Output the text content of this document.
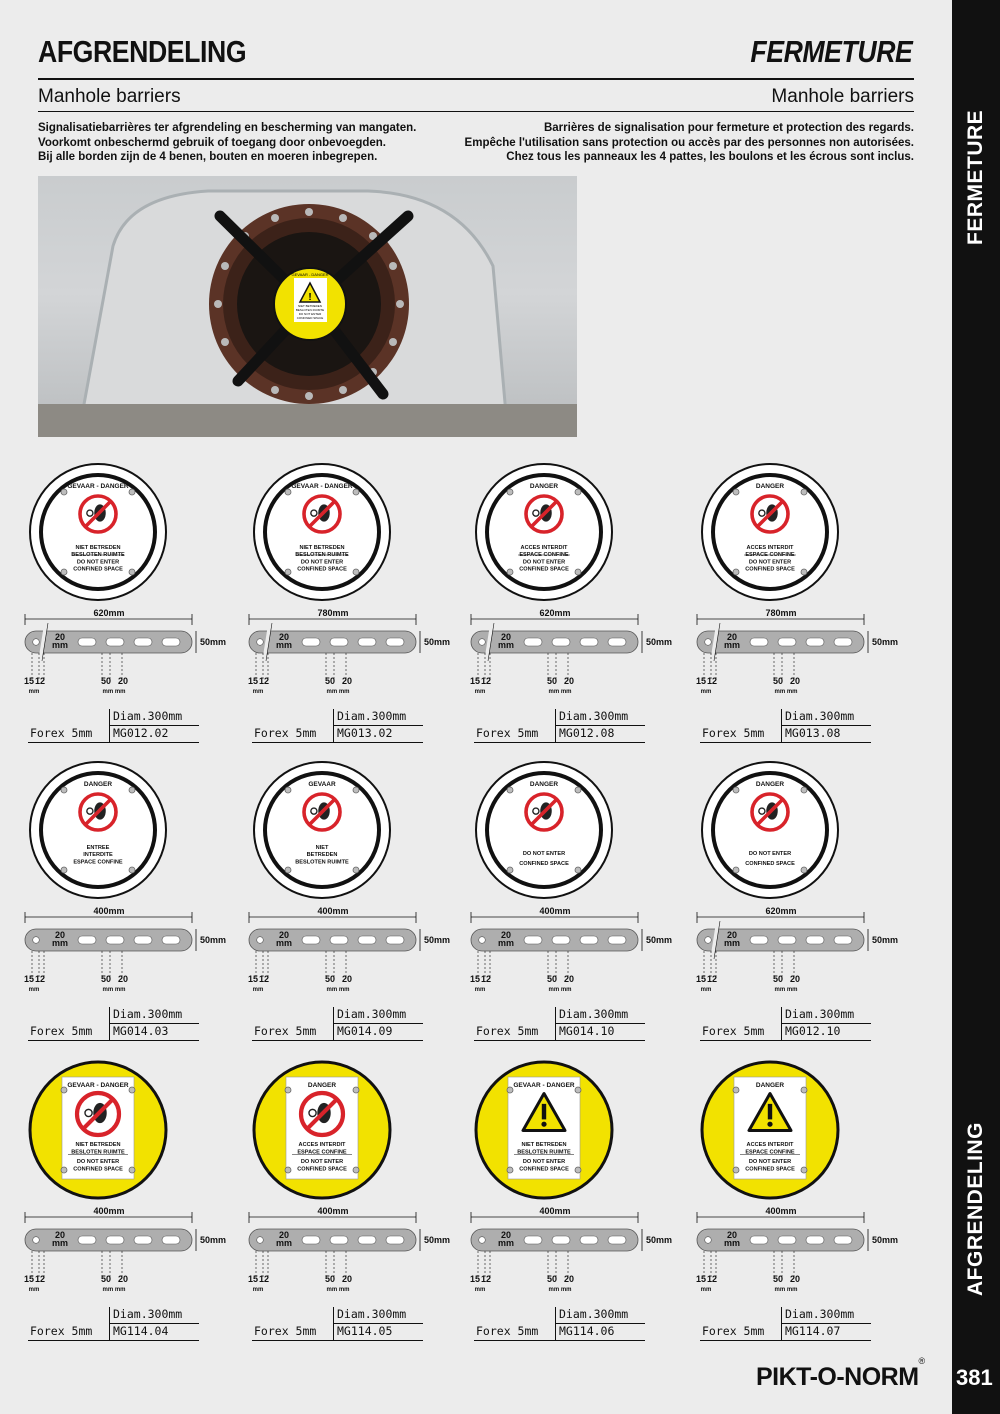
AFGRENDELING	FERMETURE
Manhole barriers	Manhole barriers
Signalisatiebarrières ter afgrendeling en bescherming van mangaten.
Voorkomt onbeschermd gebruik of toegang door onbevoegden.
Bij alle borden zijn de 4 benen, bouten en moeren inbegrepen.
Barrières de signalisation pour fermeture et protection des regards.
Empêche l'utilisation sans protection ou accès par des personnes non autorisées.
Chez tous les panneaux les 4 pattes, les boulons et les écrous sont inclus.
!
GEVAAR - DANGER
NIET BETREDEN
BESLOTEN RUIMTE
DO NOT ENTER
CONFINED SPACE
GEVAAR - DANGER
NIET BETREDEN
BESLOTEN RUIMTE
DO NOT ENTER
CONFINED SPACE
620mm
20
mm	50mm
15 12
mm
50 20
mm mm
Diam.300mm
Forex 5mm MG012.02
GEVAAR - DANGER
NIET BETREDEN
BESLOTEN RUIMTE
DO NOT ENTER
CONFINED SPACE
780mm
20
mm	50mm
15 12
mm
50 20
mm mm
Diam.300mm
Forex 5mm MG013.02
DANGER
ACCES INTERDIT
ESPACE CONFINE
DO NOT ENTER
CONFINED SPACE
620mm
20
mm	50mm
15 12
mm
50 20
mm mm
Diam.300mm
Forex 5mm MG012.08
DANGER
ACCES INTERDIT
ESPACE CONFINE
DO NOT ENTER
CONFINED SPACE
780mm
20
mm	50mm
15 12
mm
50 20
mm mm
Diam.300mm
Forex 5mm MG013.08
DANGER
ENTREE
INTERDITE
ESPACE CONFINE
400mm
20
mm	50mm
15 12
mm
50 20
mm mm
Diam.300mm
Forex 5mm MG014.03
GEVAAR
NIET
BETREDEN
BESLOTEN RUIMTE
400mm
20
mm	50mm
15 12
mm
50 20
mm mm
Diam.300mm
Forex 5mm MG014.09
DANGER
DO NOT ENTER
CONFINED SPACE
400mm
20
mm	50mm
15 12
mm
50 20
mm mm
Diam.300mm
Forex 5mm MG014.10
DANGER
DO NOT ENTER
CONFINED SPACE
620mm
20
mm	50mm
15 12
mm
50 20
mm mm
Diam.300mm
Forex 5mm MG012.10
GEVAAR - DANGER
NIET BETREDEN
BESLOTEN RUIMTE
DO NOT ENTER
CONFINED SPACE
400mm
20
mm	50mm
15 12
mm
50 20
mm mm
Diam.300mm
Forex 5mm MG114.04
DANGER
ACCES INTERDIT
ESPACE CONFINE
DO NOT ENTER
CONFINED SPACE
400mm
20
mm	50mm
15 12
mm
50 20
mm mm
Diam.300mm
Forex 5mm MG114.05
GEVAAR - DANGER
NIET BETREDEN
BESLOTEN RUIMTE
DO NOT ENTER
CONFINED SPACE
400mm
20
mm	50mm
15 12
mm
50 20
mm mm
Diam.300mm
Forex 5mm MG114.06
DANGER
ACCES INTERDIT
ESPACE CONFINE
DO NOT ENTER
CONFINED SPACE
400mm
20
mm	50mm
15 12
mm
50 20
mm mm
Diam.300mm
Forex 5mm MG114.07
FERMETURE
AFGRENDELING
381
PIKT-O-NORM®
